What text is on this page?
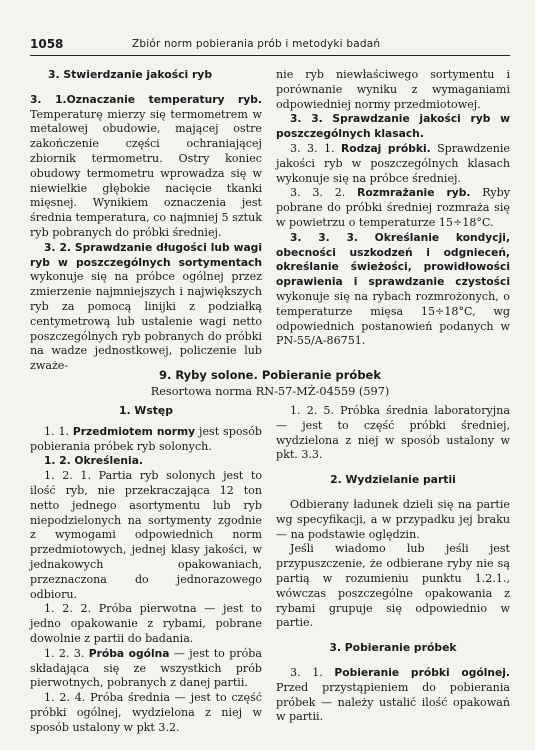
1058	Zbiór norm pobierania prób i metodyki badań

3. Stwierdzanie jakości ryb

3. 1.Oznaczanie temperatury ryb. Temperaturę mierzy się termometrem w metalowej obudowie, mającej ostre zakończenie części ochraniającej zbiornik termometru. Ostry koniec obudowy termometru wprowadza się w niewielkie głębokie nacięcie tkanki mięsnej. Wynikiem oznaczenia jest średnia temperatura, co najmniej 5 sztuk ryb pobranych do próbki średniej.

3. 2. Sprawdzanie długości lub wagi ryb w poszczególnych sortymentach wykonuje się na próbce ogólnej przez zmierzenie najmniejszych i największych ryb za pomocą linijki z podziałką centymetrową lub ustalenie wagi netto poszczególnych ryb pobranych do próbki na wadze jednostkowej, policzenie lub zważe-

nie ryb niewłaściwego sortymentu i porównanie wyniku z wymaganiami odpowiedniej normy przedmiotowej.

3. 3. Sprawdzanie jakości ryb w poszczególnych klasach.

3. 3. 1. Rodzaj próbki. Sprawdzenie jakości ryb w poszczególnych klasach wykonuje się na próbce średniej.

3. 3. 2. Rozmrażanie ryb. Ryby pobrane do próbki średniej rozmraża się w powietrzu o temperaturze 15÷18°C.

3. 3. 3. Określanie kondycji, obecności uszkodzeń i odgnieceń, określanie świeżości, prowidłowości oprawienia i sprawdzanie czystości wykonuje się na rybach rozmrożonych, o temperaturze mięsa 15÷18°C, wg odpowiednich postanowień podanych w PN-55/A-86751.

9. Ryby solone. Pobieranie próbek
Resortowa norma RN-57-MŻ-04559 (597)

1. Wstęp

1. 1. Przedmiotem normy jest sposób pobierania próbek ryb solonych.

1. 2. Określenia.

1. 2. 1. Partia ryb solonych jest to ilość ryb, nie przekraczająca 12 ton netto jednego asortymentu lub ryb niepodzielonych na sortymenty zgodnie z wymogami odpowiednich norm przedmiotowych, jednej klasy jakości, w jednakowych opakowaniach, przeznaczona do jednorazowego odbioru.

1. 2. 2. Próba pierwotna — jest to jedno opakowanie z rybami, pobrane dowolnie z partii do badania.

1. 2. 3. Próba ogólna — jest to próba składająca się ze wszystkich prób pierwotnych, pobranych z danej partii.

1. 2. 4. Próba średnia — jest to część próbki ogólnej, wydzielona z niej w sposób ustalony w pkt 3.2.

1. 2. 5. Próbka średnia laboratoryjna — jest to część próbki średniej, wydzielona z niej w sposób ustalony w pkt. 3.3.

2. Wydzielanie partii

Odbierany ładunek dzieli się na partie wg specyfikacji, a w przypadku jej braku — na podstawie oględzin.

Jeśli wiadomo lub jeśli jest przypuszczenie, że odbierane ryby nie są partią w rozumieniu punktu 1.2.1., wówczas poszczególne opakowania z rybami grupuje się odpowiednio w partie.

3. Pobieranie próbek

3. 1. Pobieranie próbki ogólnej. Przed przystąpieniem do pobierania próbek — należy ustalić ilość opakowań w partii.
